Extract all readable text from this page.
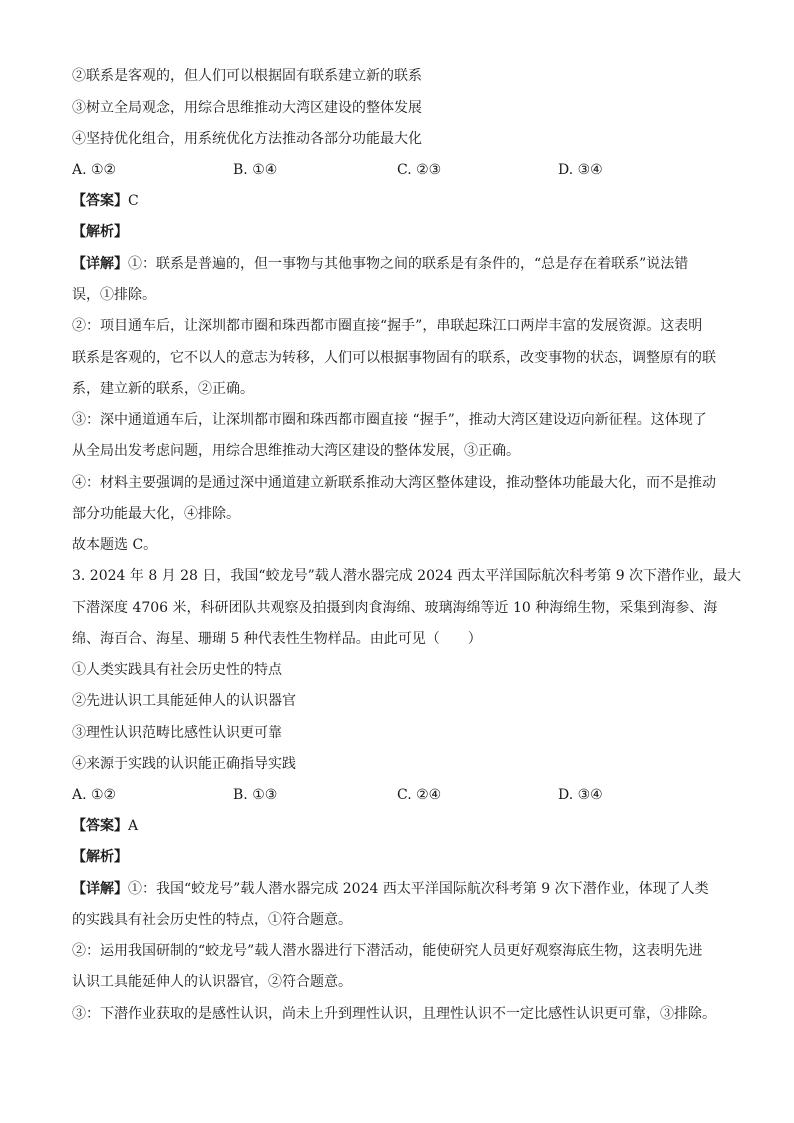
②联系是客观的，但人们可以根据固有联系建立新的联系
③树立全局观念，用综合思维推动大湾区建设的整体发展
④坚持优化组合，用系统优化方法推动各部分功能最大化
A. ①②	B. ①④	C. ②③	D. ③④
【答案】C
【解析】
【详解】①：联系是普遍的，但一事物与其他事物之间的联系是有条件的，“总是存在着联系”说法错
误，①排除。
②：项目通车后，让深圳都市圈和珠西都市圈直接“握手”，串联起珠江口两岸丰富的发展资源。这表明
联系是客观的，它不以人的意志为转移，人们可以根据事物固有的联系，改变事物的状态，调整原有的联
系，建立新的联系，②正确。
③：深中通道通车后，让深圳都市圈和珠西都市圈直接 “握手”，推动大湾区建设迈向新征程。这体现了
从全局出发考虑问题，用综合思维推动大湾区建设的整体发展，③正确。
④：材料主要强调的是通过深中通道建立新联系推动大湾区整体建设，推动整体功能最大化，而不是推动
部分功能最大化，④排除。
故本题选 C。
3. 2024 年 8 月 28 日，我国“蛟龙号”载人潜水器完成 2024 西太平洋国际航次科考第 9 次下潜作业，最大
下潜深度 4706 米，科研团队共观察及拍摄到肉食海绵、玻璃海绵等近 10 种海绵生物，采集到海参、海
绵、海百合、海星、珊瑚 5 种代表性生物样品。由此可见（　　）
①人类实践具有社会历史性的特点
②先进认识工具能延伸人的认识器官
③理性认识范畴比感性认识更可靠
④来源于实践的认识能正确指导实践
A. ①②	B. ①③	C. ②④	D. ③④
【答案】A
【解析】
【详解】①：我国“蛟龙号”载人潜水器完成 2024 西太平洋国际航次科考第 9 次下潜作业，体现了人类
的实践具有社会历史性的特点，①符合题意。
②：运用我国研制的“蛟龙号”载人潜水器进行下潜活动，能使研究人员更好观察海底生物，这表明先进
认识工具能延伸人的认识器官，②符合题意。
③：下潜作业获取的是感性认识，尚未上升到理性认识，且理性认识不一定比感性认识更可靠，③排除。
